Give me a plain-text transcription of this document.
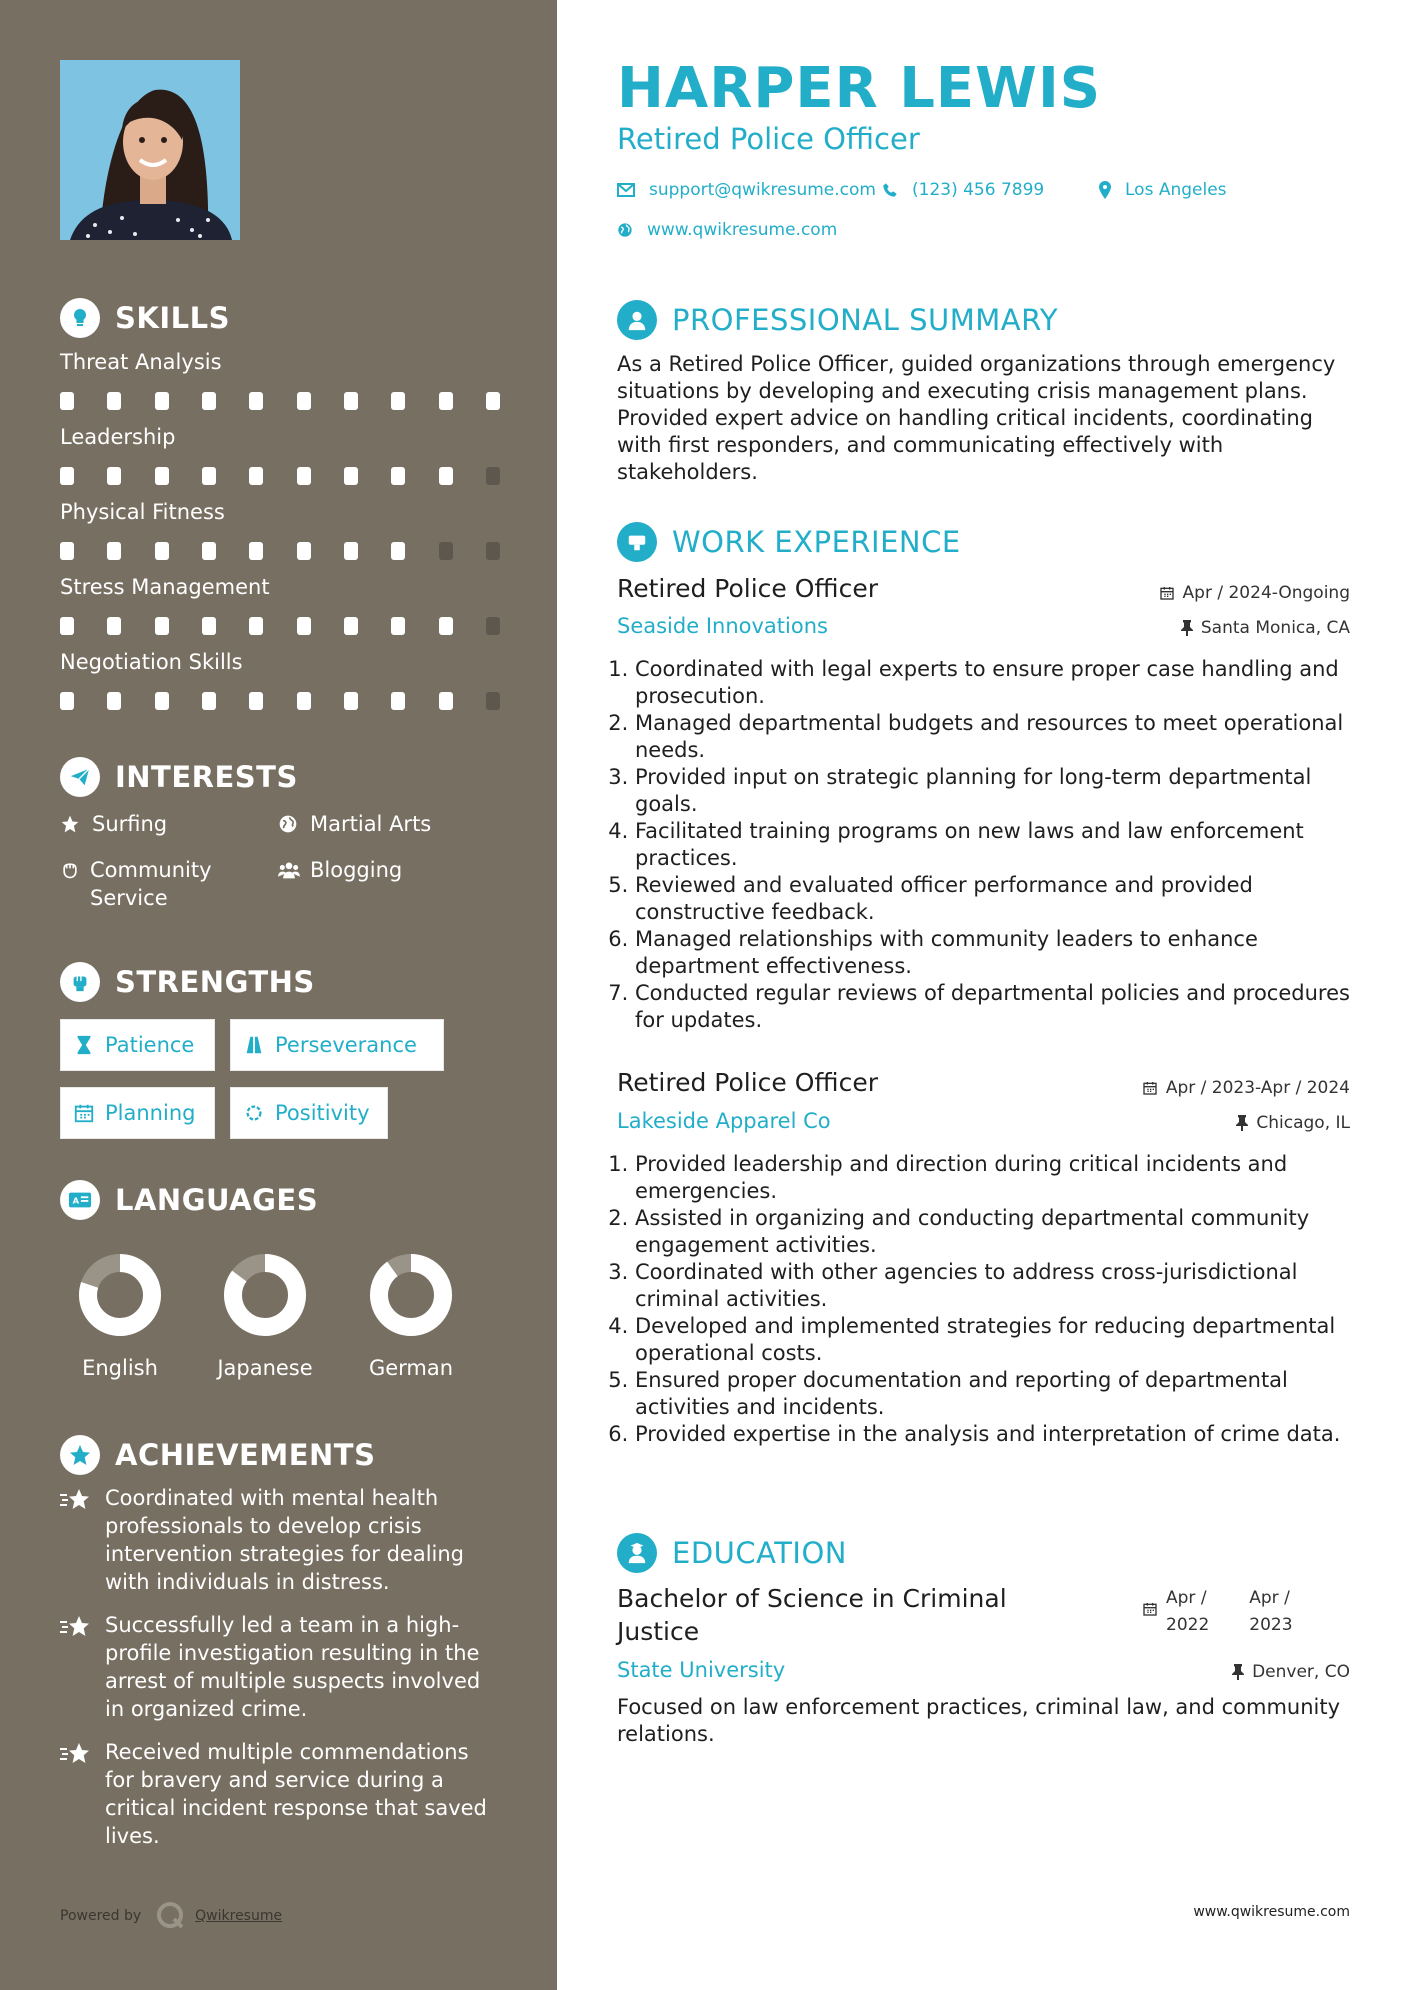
SKILLS
Threat Analysis
Leadership
Physical Fitness
Stress Management
Negotiation Skills
INTERESTS
Surfing	Martial Arts
Community Service
Blogging
STRENGTHS
Patience	Perseverance
Planning	Positivity
A LANGUAGES
English	Japanese	German
ACHIEVEMENTS
Coordinated with mental health professionals to develop crisis intervention strategies for dealing with individuals in distress.
Successfully led a team in a high-profile investigation resulting in the arrest of multiple suspects involved in organized crime.
Received multiple commendations for bravery and service during a critical incident response that saved lives.
Powered by	Qwikresume
HARPER LEWIS
Retired Police Officer
support@qwikresume.com (123) 456 7899	Los Angeles
www.qwikresume.com
PROFESSIONAL SUMMARY
As a Retired Police Officer, guided organizations through emergency situations by developing and executing crisis management plans. Provided expert advice on handling critical incidents, coordinating with first responders, and communicating effectively with stakeholders.
WORK EXPERIENCE
Retired Police Officer	Apr / 2024-Ongoing
Seaside Innovations	Santa Monica, CA
1. Coordinated with legal experts to ensure proper case handling and prosecution.
2. Managed departmental budgets and resources to meet operational needs.
3. Provided input on strategic planning for long-term departmental goals.
4. Facilitated training programs on new laws and law enforcement practices.
5. Reviewed and evaluated officer performance and provided constructive feedback.
6. Managed relationships with community leaders to enhance department effectiveness.
7. Conducted regular reviews of departmental policies and procedures for updates.
Retired Police Officer	Apr / 2023-Apr / 2024
Lakeside Apparel Co	Chicago, IL
1. Provided leadership and direction during critical incidents and emergencies.
2. Assisted in organizing and conducting departmental community engagement activities.
3. Coordinated with other agencies to address cross-jurisdictional criminal activities.
4. Developed and implemented strategies for reducing departmental operational costs.
5. Ensured proper documentation and reporting of departmental activities and incidents.
6. Provided expertise in the analysis and interpretation of crime data.
EDUCATION
Bachelor of Science in Criminal Justice
Apr /
2022
Apr /
2023
State University	Denver, CO
Focused on law enforcement practices, criminal law, and community relations.
www.qwikresume.com
